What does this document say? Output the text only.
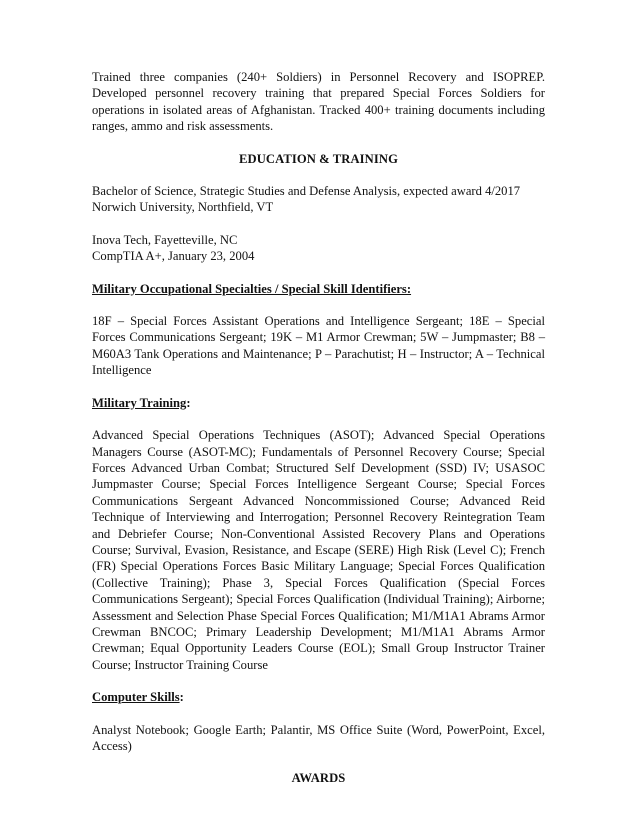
Trained three companies (240+ Soldiers) in Personnel Recovery and ISOPREP. Developed personnel recovery training that prepared Special Forces Soldiers for operations in isolated areas of Afghanistan. Tracked 400+ training documents including ranges, ammo and risk assessments.

EDUCATION & TRAINING

Bachelor of Science, Strategic Studies and Defense Analysis, expected award 4/2017

Norwich University, Northfield, VT

Inova Tech, Fayetteville, NC

CompTIA A+, January 23, 2004

Military Occupational Specialties / Special Skill Identifiers:

18F – Special Forces Assistant Operations and Intelligence Sergeant; 18E – Special Forces Communications Sergeant; 19K – M1 Armor Crewman; 5W – Jumpmaster; B8 – M60A3 Tank Operations and Maintenance; P – Parachutist; H – Instructor; A – Technical Intelligence

Military Training:

Advanced Special Operations Techniques (ASOT); Advanced Special Operations Managers Course (ASOT-MC); Fundamentals of Personnel Recovery Course; Special Forces Advanced Urban Combat; Structured Self Development (SSD) IV; USASOC Jumpmaster Course; Special Forces Intelligence Sergeant Course; Special Forces Communications Sergeant Advanced Noncommissioned Course; Advanced Reid Technique of Interviewing and Interrogation; Personnel Recovery Reintegration Team and Debriefer Course; Non-Conventional Assisted Recovery Plans and Operations Course; Survival, Evasion, Resistance, and Escape (SERE) High Risk (Level C); French (FR) Special Operations Forces Basic Military Language; Special Forces Qualification (Collective Training); Phase 3, Special Forces Qualification (Special Forces Communications Sergeant); Special Forces Qualification (Individual Training); Airborne; Assessment and Selection Phase Special Forces Qualification; M1/M1A1 Abrams Armor Crewman BNCOC; Primary Leadership Development; M1/M1A1 Abrams Armor Crewman; Equal Opportunity Leaders Course (EOL); Small Group Instructor Trainer Course; Instructor Training Course

Computer Skills:

Analyst Notebook; Google Earth; Palantir, MS Office Suite (Word, PowerPoint, Excel, Access)

AWARDS
